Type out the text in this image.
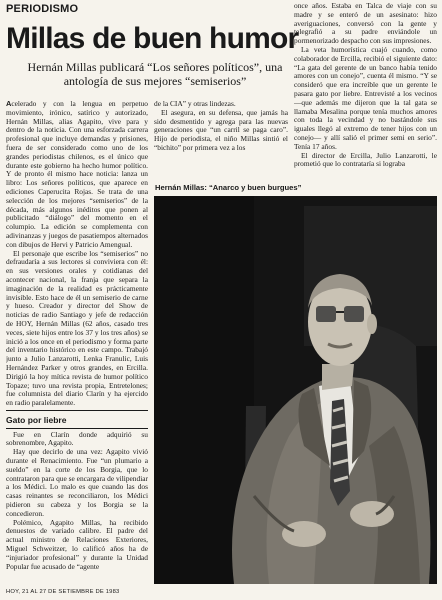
PERIODISMO
Millas de buen humor
Hernán Millas publicará “Los señores políticos”, una antología de sus mejores “semiserios”

Acelerado y con la lengua en perpetuo movimiento, irónico, satírico y autorizado, Hernán Millas, alias Agapito, vive para y dentro de la noticia. Con una esforzada carrera profesional que incluye demandas y prisiones, fuera de ser considerado como uno de los grandes periodistas chilenos, es el único que durante este gobierno ha hecho humor político. Y de pronto él mismo hace noticia: lanza un libro: Los señores políticos, que aparece en ediciones Caperucita Rojas. Se trata de una selección de los mejores “semiserios” de la década, más algunos inéditos que ponen al publicitado “diálogo” del momento en el columpio. La edición se complementa con adivinanzas y juegos de pasatiempos alternados con dibujos de Hervi y Patricio Amengual.

El personaje que escribe los “semiserios” no defraudaría a sus lectores si conviviera con él: en sus versiones orales y cotidianas del acontecer nacional, la franja que separa la imaginación de la realidad es prácticamente invisible. Esto hace de él un semiserio de carne y hueso. Creador y director del Show de noticias de radio Santiago y jefe de redacción de HOY, Hernán Millas (62 años, casado tres veces, siete hijos entre los 37 y los tres años) se inició a los once en el periodismo y forma parte del inventario histórico en este campo. Trabajó junto a Julio Lanzarotti, Lenka Franulic, Luis Hernández Parker y otros grandes, en Ercilla. Dirigió la hoy mítica revista de humor político Topaze; tuvo una revista propia, Entretelones; fue columnista del diario Clarín y ha ejercido en radio paralelamente.

Gato por liebre

Fue en Clarín donde adquirió su sobrenombre, Agapito.

Hay que decirlo de una vez: Agapito vivió durante el Renacimiento. Fue “un plumario a sueldo” en la corte de los Borgia, que lo contrataron para que se encargara de vilipendiar a los Médici. Lo malo es que cuando las dos casas reinantes se reconciliaron, los Médici pidieron su cabeza y los Borgia se la concedieron.

Polémico, Agapito Millas, ha recibido denuestos de variado calibre. El padre del actual ministro de Relaciones Exteriores, Miguel Schweitzer, lo calificó años ha de “injuriador profesional” y durante la Unidad Popular fue acusado de “agente

de la CIA” y otras lindezas.

El asegura, en su defensa, que jamás ha sido desmentido y agrega para las nuevas generaciones que “un carril se paga caro”. Hijo de periodista, el niño Millas sintió el “bichito” por primera vez a los

once años. Estaba en Talca de viaje con su madre y se enteró de un asesinato: hizo averiguaciones, conversó con la gente y telegrafió a su padre enviándole un pormenorizado despacho con sus impresiones.

La veta humorística cuajó cuando, como colaborador de Ercilla, recibió el siguiente dato: “La gata del gerente de un banco había tenido amores con un conejo”, cuenta él mismo. “Y se consideró que era increíble que un gerente le pasara gato por liebre. Entrevisté a los vecinos —que además me dijeron que la tal gata se llamaba Mesalina porque tenía muchos amores con toda la vecindad y no bastándole sus iguales llegó al extremo de tener hijos con un conejo— y allí salió el primer semi en serio”. Tenía 17 años.

El director de Ercilla, Julio Lanzarotti, le prometió que lo contrataría si lograba

Hernán Millas: “Anarco y buen burgues”
HOY, 21 AL 27 DE SETIEMBRE DE 1983
